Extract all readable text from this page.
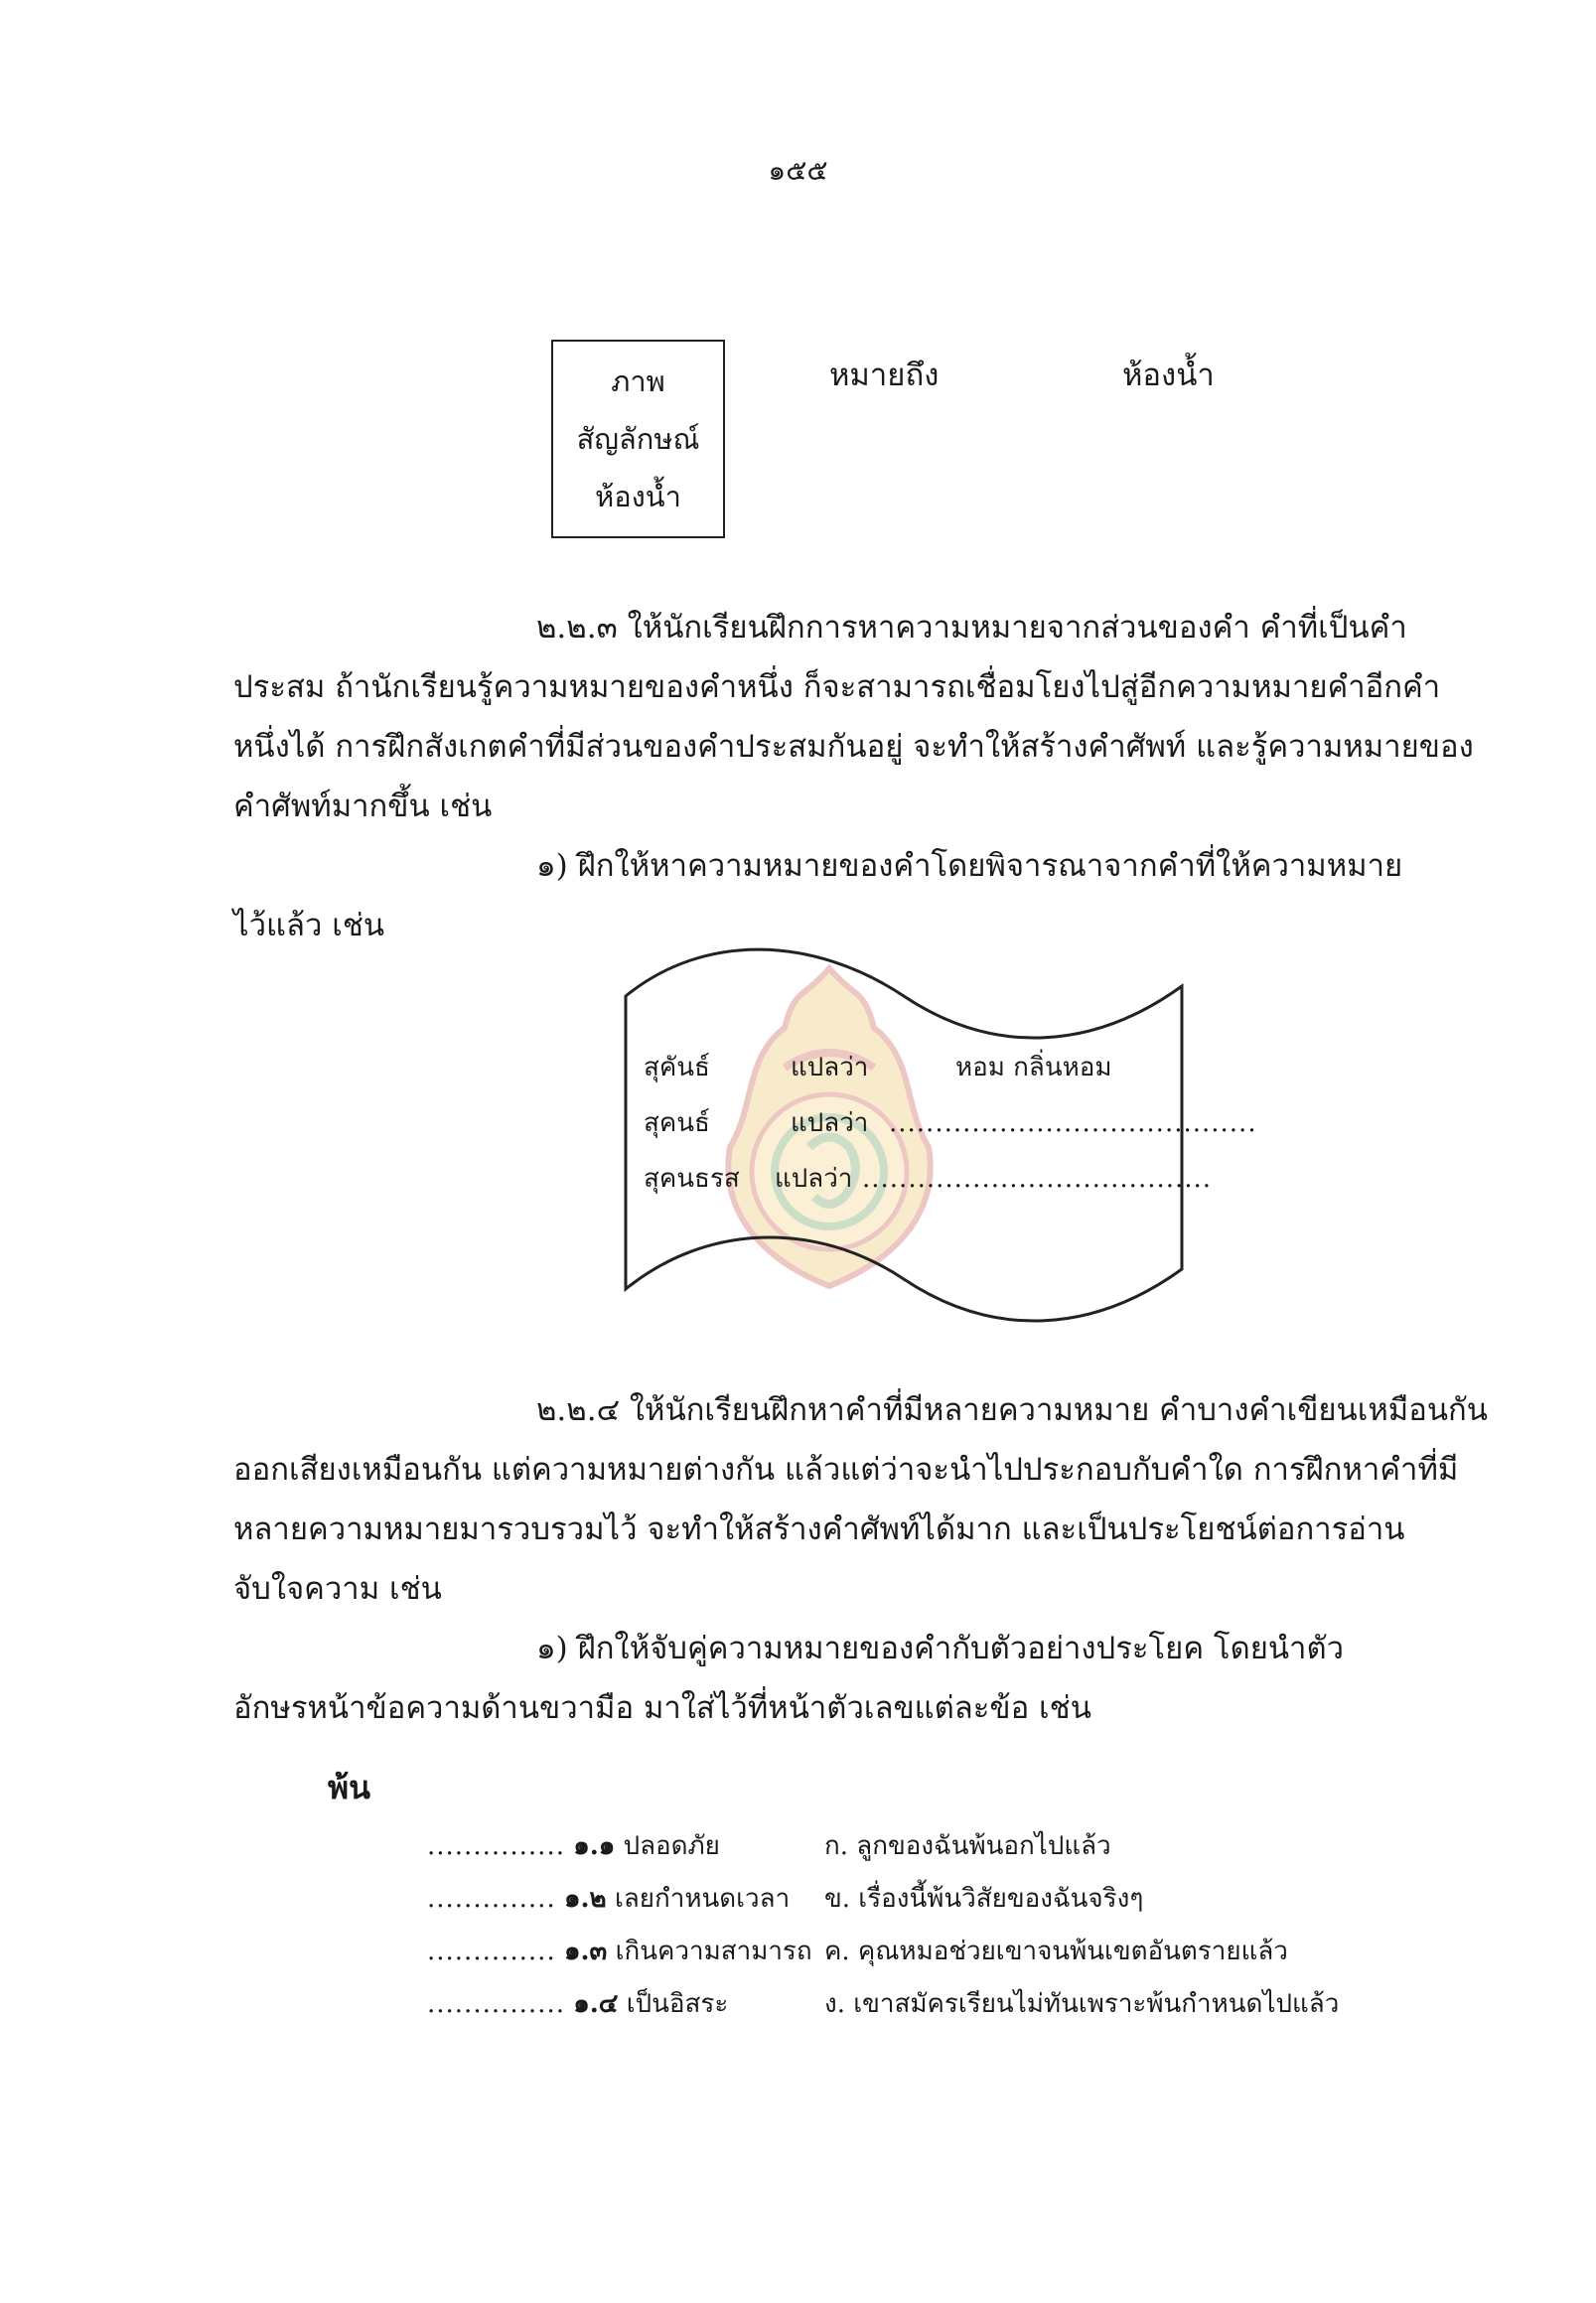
๑๕๕
ภาพ
สัญลักษณ์
ห้องน้ำ
หมายถึง	ห้องน้ำ
๒.๒.๓ ให้นักเรียนฝึกการหาความหมายจากส่วนของคำ คำที่เป็นคำ
ประสม ถ้านักเรียนรู้ความหมายของคำหนึ่ง ก็จะสามารถเชื่อมโยงไปสู่อีกความหมายคำอีกคำ
หนึ่งได้ การฝึกสังเกตคำที่มีส่วนของคำประสมกันอยู่ จะทำให้สร้างคำศัพท์ และรู้ความหมายของ
คำศัพท์มากขึ้น เช่น
๑) ฝึกให้หาความหมายของคำโดยพิจารณาจากคำที่ให้ความหมาย
ไว้แล้ว เช่น
สุคันธ์	แปลว่า	หอม กลิ่นหอม
สุคนธ์	แปลว่า ........................................
สุคนธรส แปลว่า ......................................
๒.๒.๔ ให้นักเรียนฝึกหาคำที่มีหลายความหมาย คำบางคำเขียนเหมือนกัน
ออกเสียงเหมือนกัน แต่ความหมายต่างกัน แล้วแต่ว่าจะนำไปประกอบกับคำใด การฝึกหาคำที่มี
หลายความหมายมารวบรวมไว้ จะทำให้สร้างคำศัพท์ได้มาก และเป็นประโยชน์ต่อการอ่าน
จับใจความ เช่น
๑) ฝึกให้จับคู่ความหมายของคำกับตัวอย่างประโยค โดยนำตัว
อักษรหน้าข้อความด้านขวามือ มาใส่ไว้ที่หน้าตัวเลขแต่ละข้อ เช่น
พ้น
............... ๑.๑ ปลอดภัย	ก. ลูกของฉันพ้นอกไปแล้ว
.............. ๑.๒ เลยกำหนดเวลา ข. เรื่องนี้พ้นวิสัยของฉันจริงๆ
.............. ๑.๓ เกินความสามารถ ค. คุณหมอช่วยเขาจนพ้นเขตอันตรายแล้ว
............... ๑.๔ เป็นอิสระ	ง. เขาสมัครเรียนไม่ทันเพราะพ้นกำหนดไปแล้ว
